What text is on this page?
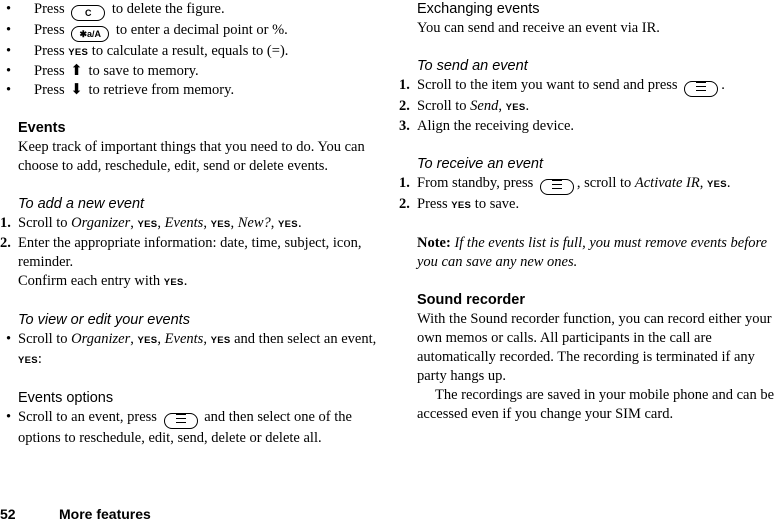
• Press C to delete the figure.
• Press ✱a/A to enter a decimal point or %.
• Press YES to calculate a result, equals to (=).
• Press ⬆ to save to memory.
• Press ⬇ to retrieve from memory.
Events
Keep track of important things that you need to do. You can choose to add, reschedule, edit, send or delete events.
To add a new event
1. Scroll to Organizer, YES, Events, YES, New?, YES.
2. Enter the appropriate information: date, time, subject, icon, reminder.
Confirm each entry with YES.
To view or edit your events
• Scroll to Organizer, YES, Events, YES and then select an event, YES:
Events options
• Scroll to an event, press	and then select one of the options to reschedule, edit, send, delete or delete all.
Exchanging events
You can send and receive an event via IR.
To send an event
1. Scroll to the item you want to send and press	.
2. Scroll to Send, YES.
3. Align the receiving device.
To receive an event
1. From standby, press	, scroll to Activate IR, YES.
2. Press YES to save.
Note: If the events list is full, you must remove events before you can save any new ones.
Sound recorder
With the Sound recorder function, you can record either your own memos or calls. All participants in the call are automatically recorded. The recording is terminated if any party hangs up.
The recordings are saved in your mobile phone and can be accessed even if you change your SIM card.
52	More features
